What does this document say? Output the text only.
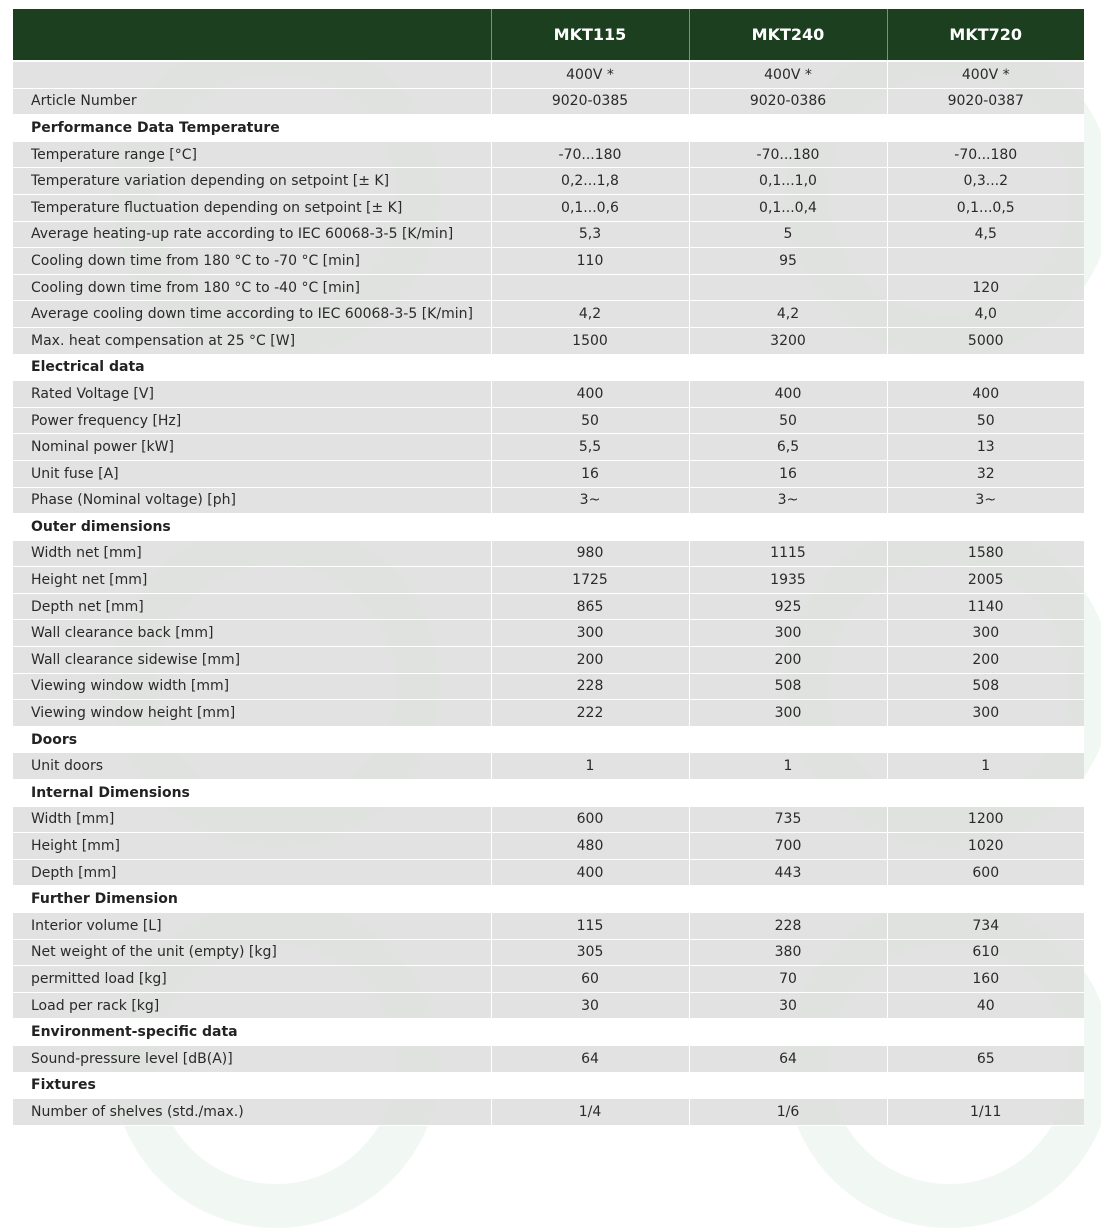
	MKT115	MKT240	MKT720
	400V *	400V *	400V *
Article Number	9020-0385	9020-0386	9020-0387
Performance Data Temperature			
Temperature range [°C]	-70...180	-70...180	-70...180
Temperature variation depending on setpoint [± K]	0,2...1,8	0,1...1,0	0,3...2
Temperature fluctuation depending on setpoint [± K]	0,1...0,6	0,1...0,4	0,1...0,5
Average heating-up rate according to IEC 60068-3-5 [K/min]	5,3	5	4,5
Cooling down time from 180 °C to -70 °C [min]	110	95	
Cooling down time from 180 °C to -40 °C [min]			120
Average cooling down time according to IEC 60068-3-5 [K/min]	4,2	4,2	4,0
Max. heat compensation at 25 °C [W]	1500	3200	5000
Electrical data			
Rated Voltage [V]	400	400	400
Power frequency [Hz]	50	50	50
Nominal power [kW]	5,5	6,5	13
Unit fuse [A]	16	16	32
Phase (Nominal voltage) [ph]	3~	3~	3~
Outer dimensions			
Width net [mm]	980	1115	1580
Height net [mm]	1725	1935	2005
Depth net [mm]	865	925	1140
Wall clearance back [mm]	300	300	300
Wall clearance sidewise [mm]	200	200	200
Viewing window width [mm]	228	508	508
Viewing window height [mm]	222	300	300
Doors			
Unit doors	1	1	1
Internal Dimensions			
Width [mm]	600	735	1200
Height [mm]	480	700	1020
Depth [mm]	400	443	600
Further Dimension			
Interior volume [L]	115	228	734
Net weight of the unit (empty) [kg]	305	380	610
permitted load [kg]	60	70	160
Load per rack [kg]	30	30	40
Environment-specific data			
Sound-pressure level [dB(A)]	64	64	65
Fixtures			
Number of shelves (std./max.)	1/4	1/6	1/11
